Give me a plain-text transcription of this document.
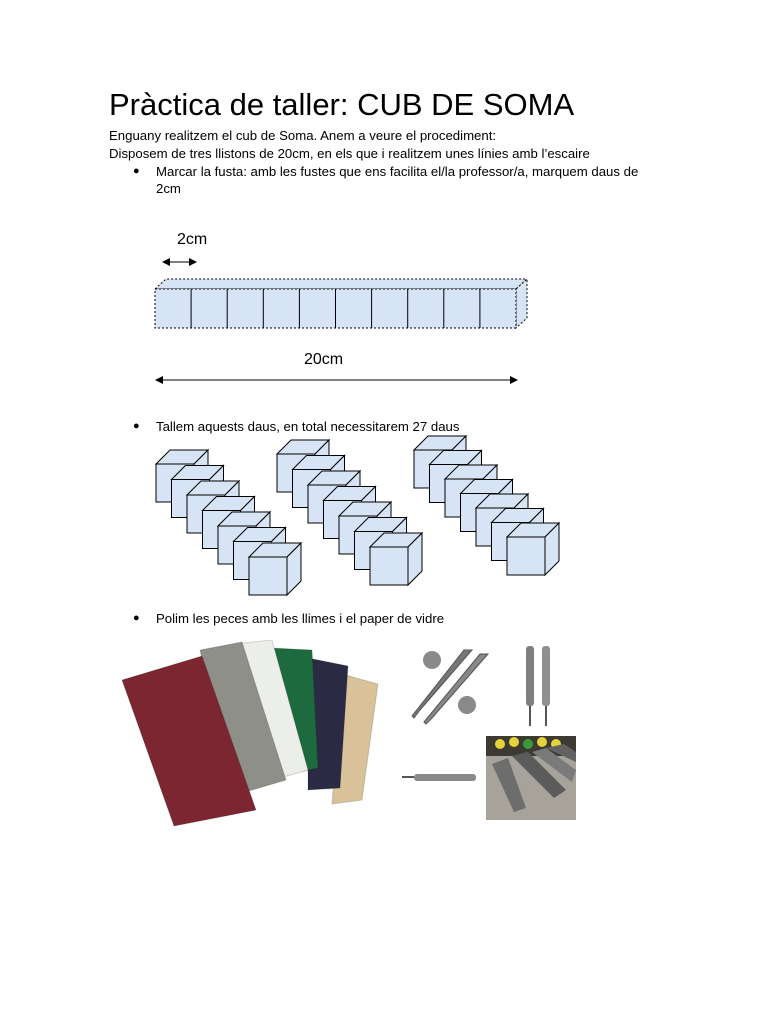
Pràctica de taller: CUB DE SOMA
Enguany realitzem el cub de Soma. Anem a veure el procediment:
Disposem de tres llistons de 20cm, en els que i realitzem unes línies amb l’escaire
● Marcar la fusta: amb les fustes que ens facilita el/la professor/a, marquem daus de 2cm
2cm
20cm
● Tallem aquests daus, en total necessitarem 27 daus
● Polim les peces amb les llimes i el paper de vidre
